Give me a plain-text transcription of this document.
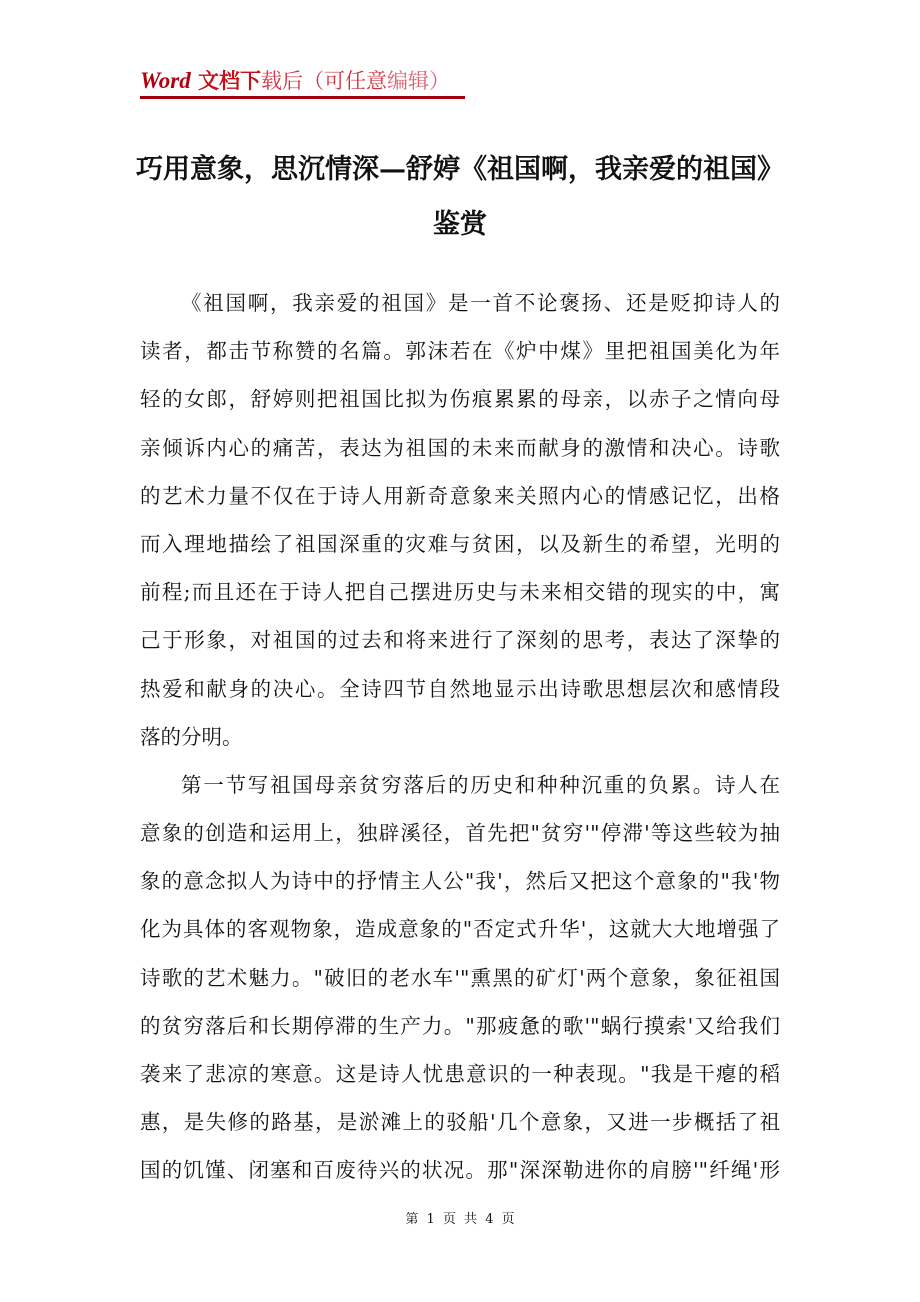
Word 文档下载后（可任意编辑）
巧用意象，思沉情深—舒婷《祖国啊，我亲爱的祖国》
鉴赏
《祖国啊，我亲爱的祖国》是一首不论褒扬、还是贬抑诗人的
读者，都击节称赞的名篇。郭沫若在《炉中煤》里把祖国美化为年
轻的女郎，舒婷则把祖国比拟为伤痕累累的母亲，以赤子之情向母
亲倾诉内心的痛苦，表达为祖国的未来而献身的激情和决心。诗歌
的艺术力量不仅在于诗人用新奇意象来关照内心的情感记忆，出格
而入理地描绘了祖国深重的灾难与贫困，以及新生的希望，光明的
前程;而且还在于诗人把自己摆进历史与未来相交错的现实的中，寓
己于形象，对祖国的过去和将来进行了深刻的思考，表达了深挚的
热爱和献身的决心。全诗四节自然地显示出诗歌思想层次和感情段
落的分明。
第一节写祖国母亲贫穷落后的历史和种种沉重的负累。诗人在
意象的创造和运用上，独辟溪径，首先把"贫穷'"停滞'等这些较为抽
象的意念拟人为诗中的抒情主人公"我'，然后又把这个意象的"我'物
化为具体的客观物象，造成意象的"否定式升华'，这就大大地增强了
诗歌的艺术魅力。"破旧的老水车'"熏黑的矿灯'两个意象，象征祖国
的贫穷落后和长期停滞的生产力。"那疲惫的歌'"蜗行摸索'又给我们
袭来了悲凉的寒意。这是诗人忧患意识的一种表现。"我是干瘪的稻
惠，是失修的路基，是淤滩上的驳船'几个意象，又进一步概括了祖
国的饥馑、闭塞和百废待兴的状况。那"深深勒进你的肩膀'"纤绳'形
第 1 页 共 4 页
